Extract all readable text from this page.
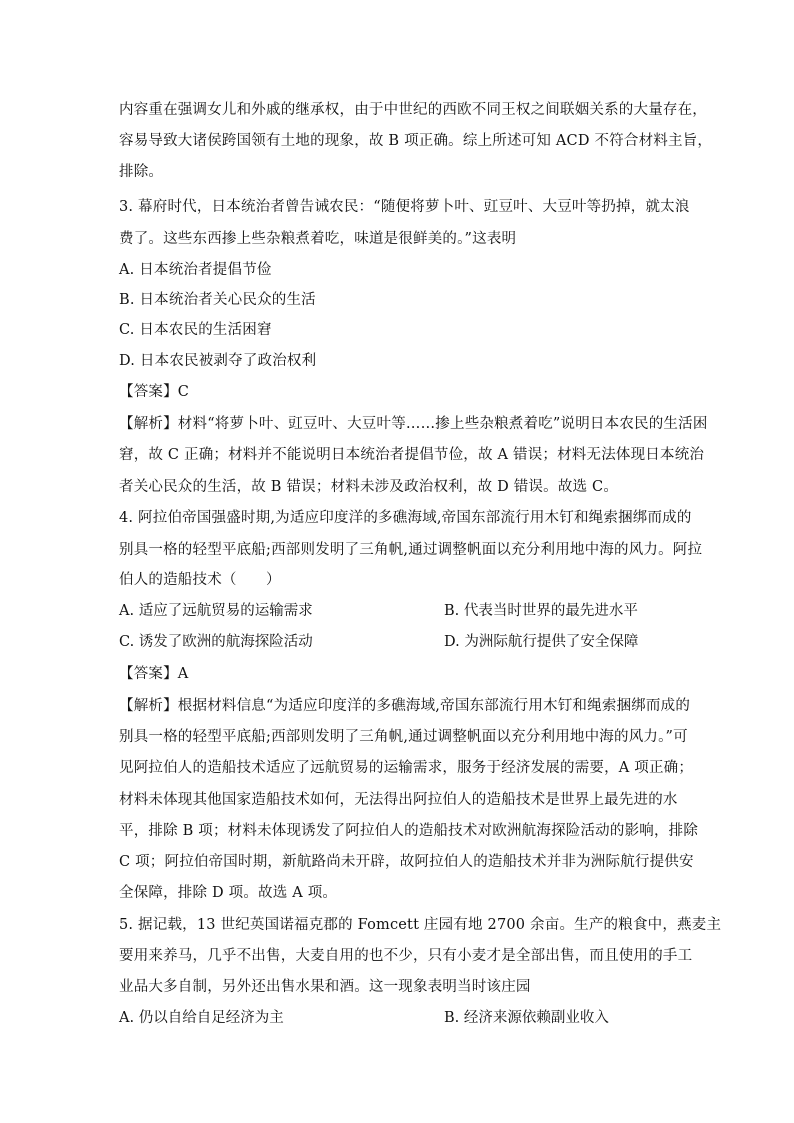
内容重在强调女儿和外戚的继承权，由于中世纪的西欧不同王权之间联姻关系的大量存在，
容易导致大诸侯跨国领有土地的现象，故 B 项正确。综上所述可知 ACD 不符合材料主旨，
排除。
3. 幕府时代，日本统治者曾告诫农民：“随便将萝卜叶、豇豆叶、大豆叶等扔掉，就太浪
费了。这些东西掺上些杂粮煮着吃，味道是很鲜美的。”这表明
A. 日本统治者提倡节俭
B. 日本统治者关心民众的生活
C. 日本农民的生活困窘
D. 日本农民被剥夺了政治权利
【答案】C
【解析】材料“将萝卜叶、豇豆叶、大豆叶等……掺上些杂粮煮着吃”说明日本农民的生活困
窘，故 C 正确；材料并不能说明日本统治者提倡节俭，故 A 错误；材料无法体现日本统治
者关心民众的生活，故 B 错误；材料未涉及政治权利，故 D 错误。故选 C。
4. 阿拉伯帝国强盛时期,为适应印度洋的多礁海域,帝国东部流行用木钉和绳索捆绑而成的
别具一格的轻型平底船;西部则发明了三角帆,通过调整帆面以充分利用地中海的风力。阿拉
伯人的造船技术（　　）
A. 适应了远航贸易的运输需求	B. 代表当时世界的最先进水平
C. 诱发了欧洲的航海探险活动	D. 为洲际航行提供了安全保障
【答案】A
【解析】根据材料信息“为适应印度洋的多礁海域,帝国东部流行用木钉和绳索捆绑而成的
别具一格的轻型平底船;西部则发明了三角帆,通过调整帆面以充分利用地中海的风力。”可
见阿拉伯人的造船技术适应了远航贸易的运输需求，服务于经济发展的需要，A 项正确；
材料未体现其他国家造船技术如何，无法得出阿拉伯人的造船技术是世界上最先进的水
平，排除 B 项；材料未体现诱发了阿拉伯人的造船技术对欧洲航海探险活动的影响，排除
C 项；阿拉伯帝国时期，新航路尚未开辟，故阿拉伯人的造船技术并非为洲际航行提供安
全保障，排除 D 项。故选 A 项。
5. 据记载，13 世纪英国诺福克郡的 Fomcett 庄园有地 2700 余亩。生产的粮食中，燕麦主
要用来养马，几乎不出售，大麦自用的也不少，只有小麦才是全部出售，而且使用的手工
业品大多自制，另外还出售水果和酒。这一现象表明当时该庄园
A. 仍以自给自足经济为主	B. 经济来源依赖副业收入
